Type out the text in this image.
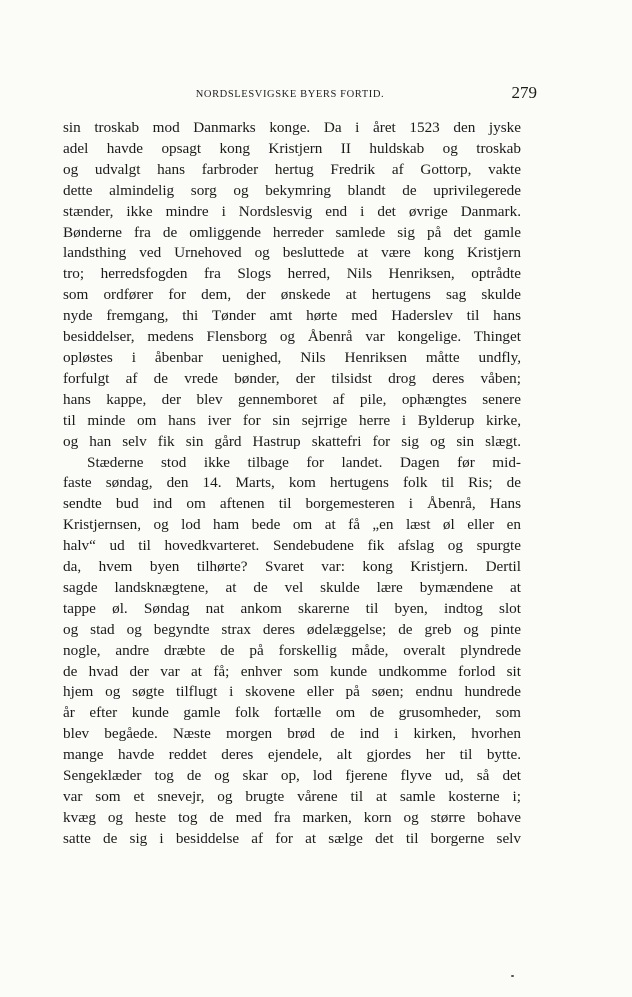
NORDSLESVIGSKE BYERS FORTID.	279
sin troskab mod Danmarks konge. Da i året 1523 den jyske
adel havde opsagt kong Kristjern II huldskab og troskab
og udvalgt hans farbroder hertug Fredrik af Gottorp, vakte
dette almindelig sorg og bekymring blandt de uprivilegerede
stænder, ikke mindre i Nordslesvig end i det øvrige Danmark.
Bønderne fra de omliggende herreder samlede sig på det gamle
landsthing ved Urnehoved og besluttede at være kong Kristjern
tro; herredsfogden fra Slogs herred, Nils Henriksen, optrådte
som ordfører for dem, der ønskede at hertugens sag skulde
nyde fremgang, thi Tønder amt hørte med Haderslev til hans
besiddelser, medens Flensborg og Åbenrå var kongelige. Thinget
opløstes i åbenbar uenighed, Nils Henriksen måtte undfly,
forfulgt af de vrede bønder, der tilsidst drog deres våben;
hans kappe, der blev gennemboret af pile, ophængtes senere
til minde om hans iver for sin sejrrige herre i Bylderup kirke,
og han selv fik sin gård Hastrup skattefri for sig og sin slægt.
Stæderne stod ikke tilbage for landet. Dagen før mid-
faste søndag, den 14. Marts, kom hertugens folk til Ris; de
sendte bud ind om aftenen til borgemesteren i Åbenrå, Hans
Kristjernsen, og lod ham bede om at få „en læst øl eller en
halv“ ud til hovedkvarteret. Sendebudene fik afslag og spurgte
da, hvem byen tilhørte? Svaret var: kong Kristjern. Dertil
sagde landsknægtene, at de vel skulde lære bymændene at
tappe øl. Søndag nat ankom skarerne til byen, indtog slot
og stad og begyndte strax deres ødelæggelse; de greb og pinte
nogle, andre dræbte de på forskellig måde, overalt plyndrede
de hvad der var at få; enhver som kunde undkomme forlod sit
hjem og søgte tilflugt i skovene eller på søen; endnu hundrede
år efter kunde gamle folk fortælle om de grusomheder, som
blev begåede. Næste morgen brød de ind i kirken, hvorhen
mange havde reddet deres ejendele, alt gjordes her til bytte.
Sengeklæder tog de og skar op, lod fjerene flyve ud, så det
var som et snevejr, og brugte vårene til at samle kosterne i;
kvæg og heste tog de med fra marken, korn og større bohave
satte de sig i besiddelse af for at sælge det til borgerne selv
